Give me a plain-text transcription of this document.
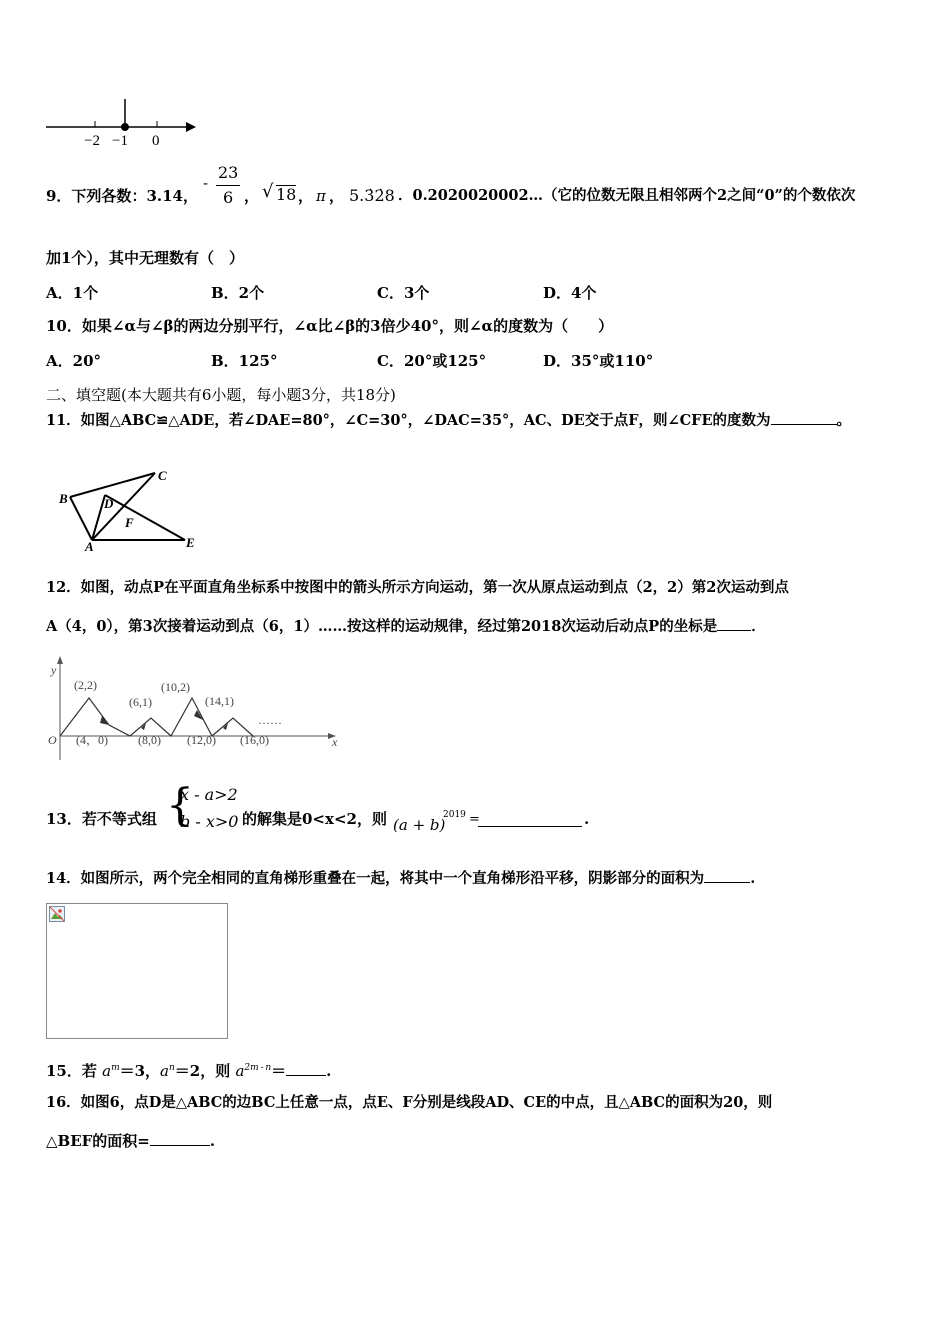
−2 −1 0
9．下列各数：3.14，
-
23
6 ， √ 18 ， π ， 5.3̇2̇8 ．0.2020020002…（它的位数无限且相邻两个2之间“0”的个数依次
加1个），其中无理数有（　）
A．1个	B．2个	C．3个	D．4个
10．如果∠α与∠β的两边分别平行，∠α比∠β的3倍少40°，则∠α的度数为（　　）
A．20°	B．125°	C．20°或125°	D．35°或110°
二、填空题(本大题共有6小题，每小题3分，共18分)
11．如图△ABC≌△ADE，若∠DAE=80°，∠C=30°，∠DAC=35°，AC、DE交于点F，则∠CFE的度数为	。
B
C
D
F
A	E
12．如图，动点P在平面直角坐标系中按图中的箭头所示方向运动，第一次从原点运动到点（2，2）第2次运动到点
A（4，0），第3次接着运动到点（6，1）……按这样的运动规律，经过第2018次运动后动点P的坐标是 ．
y
x
O
(2,2)
(6,1)
(10,2)
(14,1)
(4，0)	(8,0) (12,0) (16,0)
……
13．若不等式组 {
x - a>2
b - x>0 的解集是0<x<2，则 (a + b)
2019 =	.
14．如图所示，两个完全相同的直角梯形重叠在一起，将其中一个直角梯形沿平移，阴影部分的面积为	.
15．若 $a^m=3$，$a^n=2$，则 $a^{2m - n}=$	.
16．如图6，点D是△ABC的边BC上任意一点，点E、F分别是线段AD、CE的中点，且△ABC的面积为20，则
△BEF的面积=	.
